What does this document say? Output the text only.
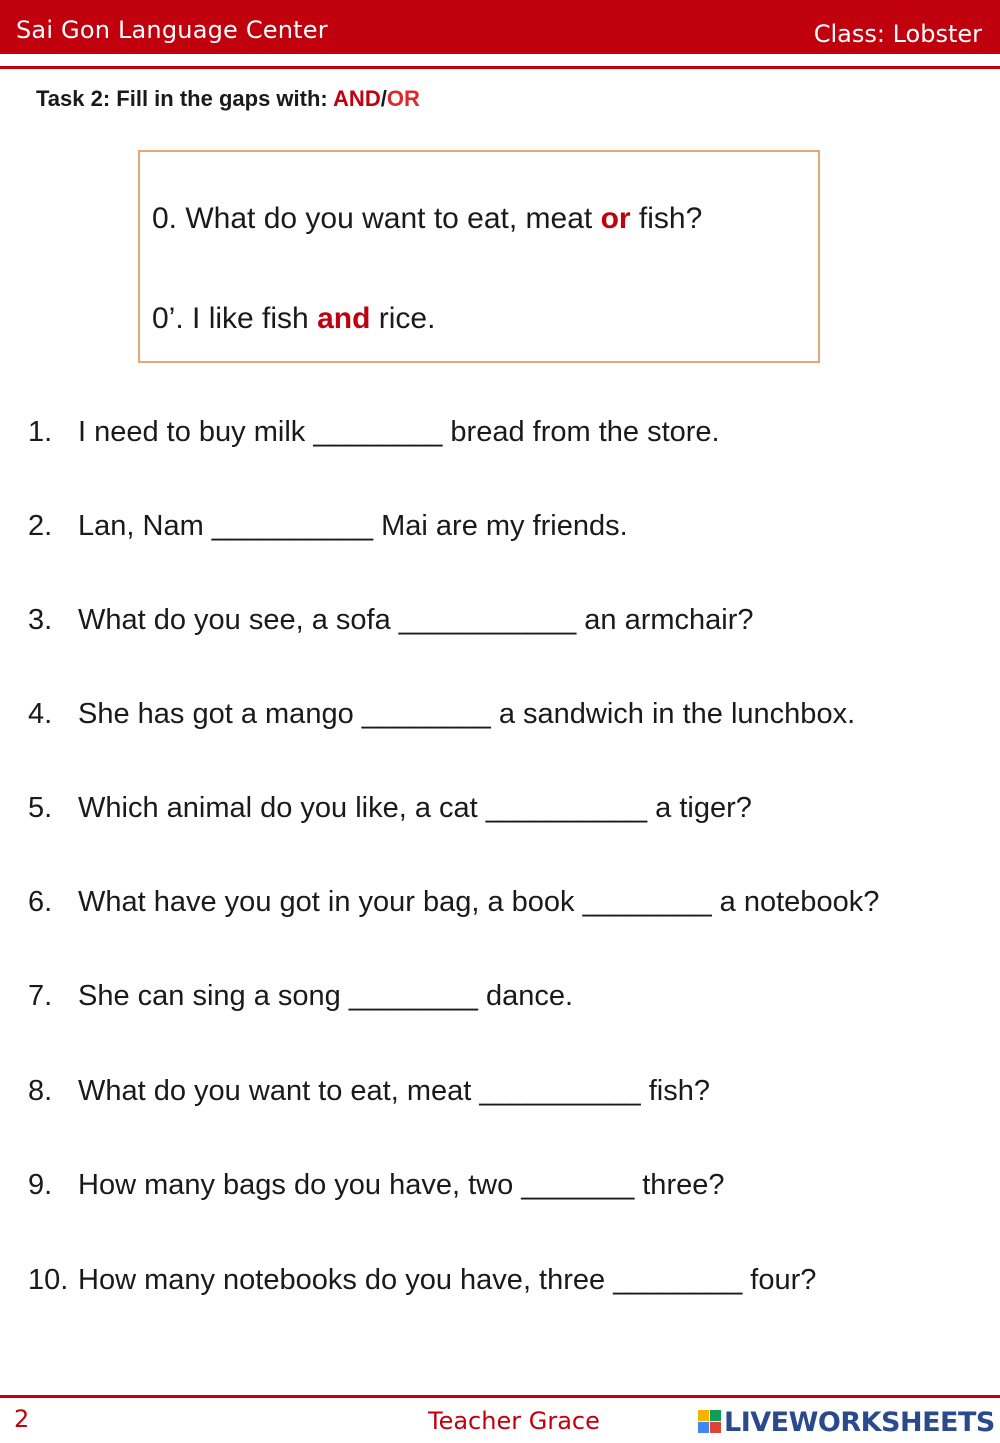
Sai Gon Language Center	Class: Lobster
Task 2: Fill in the gaps with: AND/OR
0. What do you want to eat, meat or fish?
0’. I like fish and rice.
1. I need to buy milk ________ bread from the store.
2. Lan, Nam __________ Mai are my friends.
3. What do you see, a sofa ___________ an armchair?
4. She has got a mango ________ a sandwich in the lunchbox.
5. Which animal do you like, a cat __________ a tiger?
6. What have you got in your bag, a book ________ a notebook?
7. She can sing a song ________ dance.
8. What do you want to eat, meat __________ fish?
9. How many bags do you have, two _______ three?
10. How many notebooks do you have, three ________ four?
2	Teacher Grace	LIVEWORKSHEETS
